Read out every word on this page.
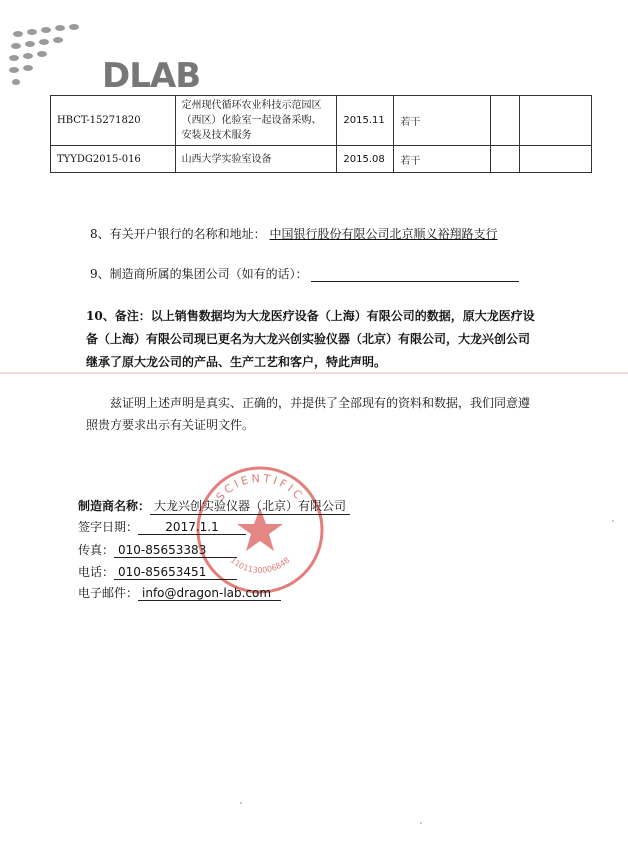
DLAB
HBCT-15271820	定州现代循环农业科技示范园区（西区）化验室一起设备采购、安装及技术服务	2015.11	若干		
TYYDG2015-016	山西大学实验室设备	2015.08	若干		
8、有关开户银行的名称和地址： 中国银行股份有限公司北京顺义裕翔路支行
9、制造商所属的集团公司（如有的话）：
10、备注：以上销售数据均为大龙医疗设备（上海）有限公司的数据，原大龙医疗设备（上海）有限公司现已更名为大龙兴创实验仪器（北京）有限公司，大龙兴创公司继承了原大龙公司的产品、生产工艺和客户，特此声明。
兹证明上述声明是真实、正确的，并提供了全部现有的资料和数据，我们同意遵照贵方要求出示有关证明文件。
SCIENTIFIC
1101130006848
制造商名称： 大龙兴创实验仪器（北京）有限公司
签字日期： 2017.1.1
传真： 010-85653383
电话： 010-85653451
电子邮件： info@dragon-lab.com
